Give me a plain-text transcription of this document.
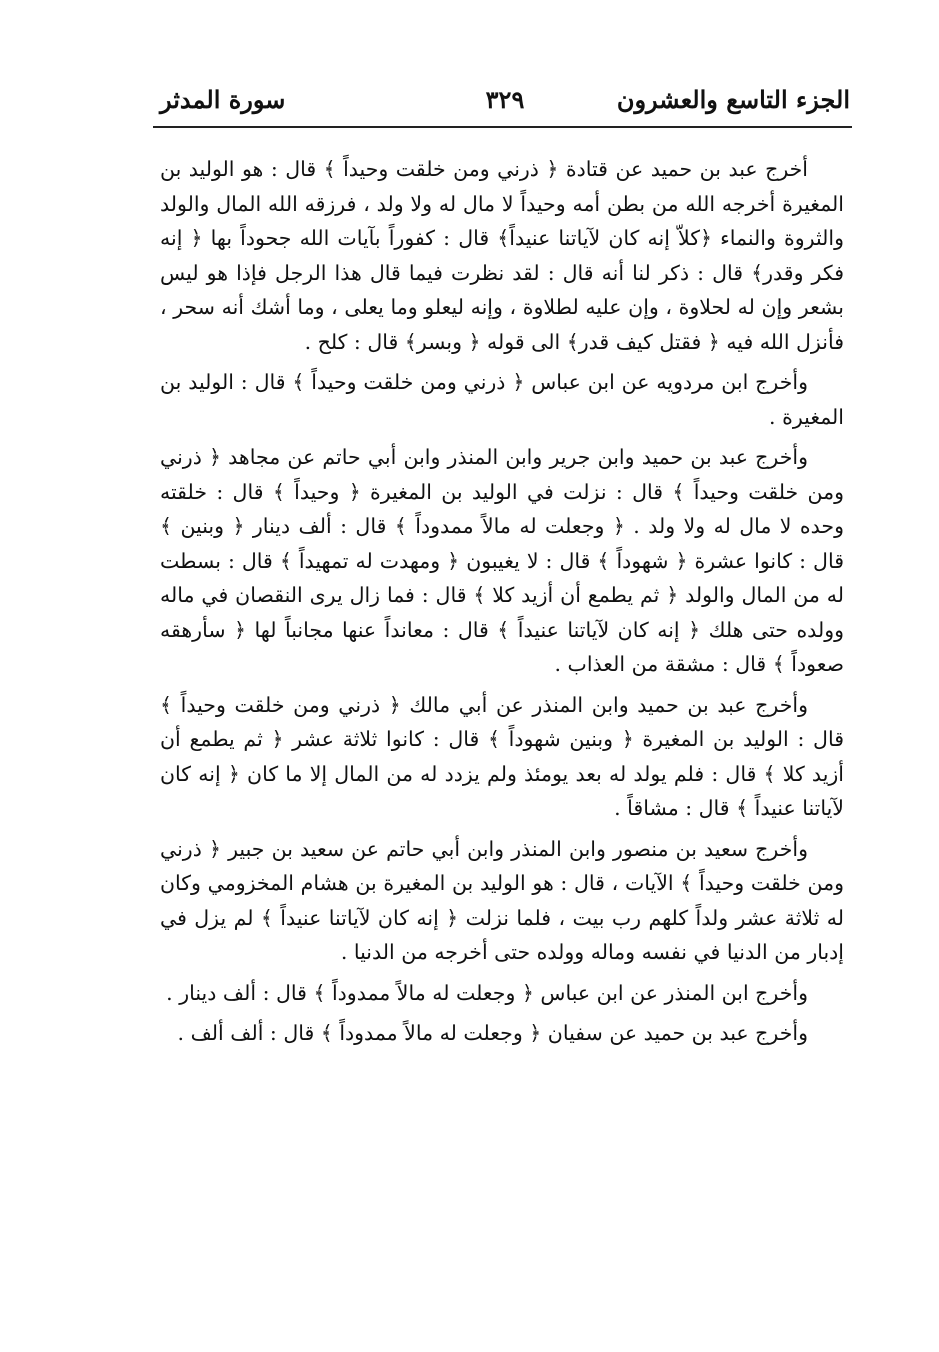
الجزء التاسع والعشرون
٣٢٩
سورة المدثر

أخرج عبد بن حميد عن قتادة ﴿ ذرني ومن خلقت وحيداً ﴾ قال : هو الوليد بن المغيرة أخرجه الله من بطن أمه وحيداً لا مال له ولا ولد ، فرزقه الله المال والولد والثروة والنماء ﴿كلاّ إنه كان لآياتنا عنيداً﴾ قال : كفوراً بآيات الله جحوداً بها ﴿ إنه فكر وقدر﴾ قال : ذكر لنا أنه قال : لقد نظرت فيما قال هذا الرجل فإذا هو ليس بشعر وإن له لحلاوة ، وإن عليه لطلاوة ، وإنه ليعلو وما يعلى ، وما أشك أنه سحر ، فأنزل الله فيه ﴿ فقتل كيف قدر﴾ الى قوله ﴿ وبسر﴾ قال : كلح .

وأخرج ابن مردويه عن ابن عباس ﴿ ذرني ومن خلقت وحيداً ﴾ قال : الوليد بن المغيرة .

وأخرج عبد بن حميد وابن جرير وابن المنذر وابن أبي حاتم عن مجاهد ﴿ ذرني ومن خلقت وحيداً ﴾ قال : نزلت في الوليد بن المغيرة ﴿ وحيداً ﴾ قال : خلقته وحده لا مال له ولا ولد . ﴿ وجعلت له مالاً ممدوداً ﴾ قال : ألف دينار ﴿ وبنين ﴾ قال : كانوا عشرة ﴿ شهوداً ﴾ قال : لا يغيبون ﴿ ومهدت له تمهيداً ﴾ قال : بسطت له من المال والولد ﴿ ثم يطمع أن أزيد كلا ﴾ قال : فما زال يرى النقصان في ماله وولده حتى هلك ﴿ إنه كان لآياتنا عنيداً ﴾ قال : معانداً عنها مجانباً لها ﴿ سأرهقه صعوداً ﴾ قال : مشقة من العذاب .

وأخرج عبد بن حميد وابن المنذر عن أبي مالك ﴿ ذرني ومن خلقت وحيداً ﴾ قال : الوليد بن المغيرة ﴿ وبنين شهوداً ﴾ قال : كانوا ثلاثة عشر ﴿ ثم يطمع أن أزيد كلا ﴾ قال : فلم يولد له بعد يومئذ ولم يزدد له من المال إلا ما كان ﴿ إنه كان لآياتنا عنيداً ﴾ قال : مشاقاً .

وأخرج سعيد بن منصور وابن المنذر وابن أبي حاتم عن سعيد بن جبير ﴿ ذرني ومن خلقت وحيداً ﴾ الآيات ، قال : هو الوليد بن المغيرة بن هشام المخزومي وكان له ثلاثة عشر ولداً كلهم رب بيت ، فلما نزلت ﴿ إنه كان لآياتنا عنيداً ﴾ لم يزل في إدبار من الدنيا في نفسه وماله وولده حتى أخرجه من الدنيا .

وأخرج ابن المنذر عن ابن عباس ﴿ وجعلت له مالاً ممدوداً ﴾ قال : ألف دينار .

وأخرج عبد بن حميد عن سفيان ﴿ وجعلت له مالاً ممدوداً ﴾ قال : ألف ألف .
